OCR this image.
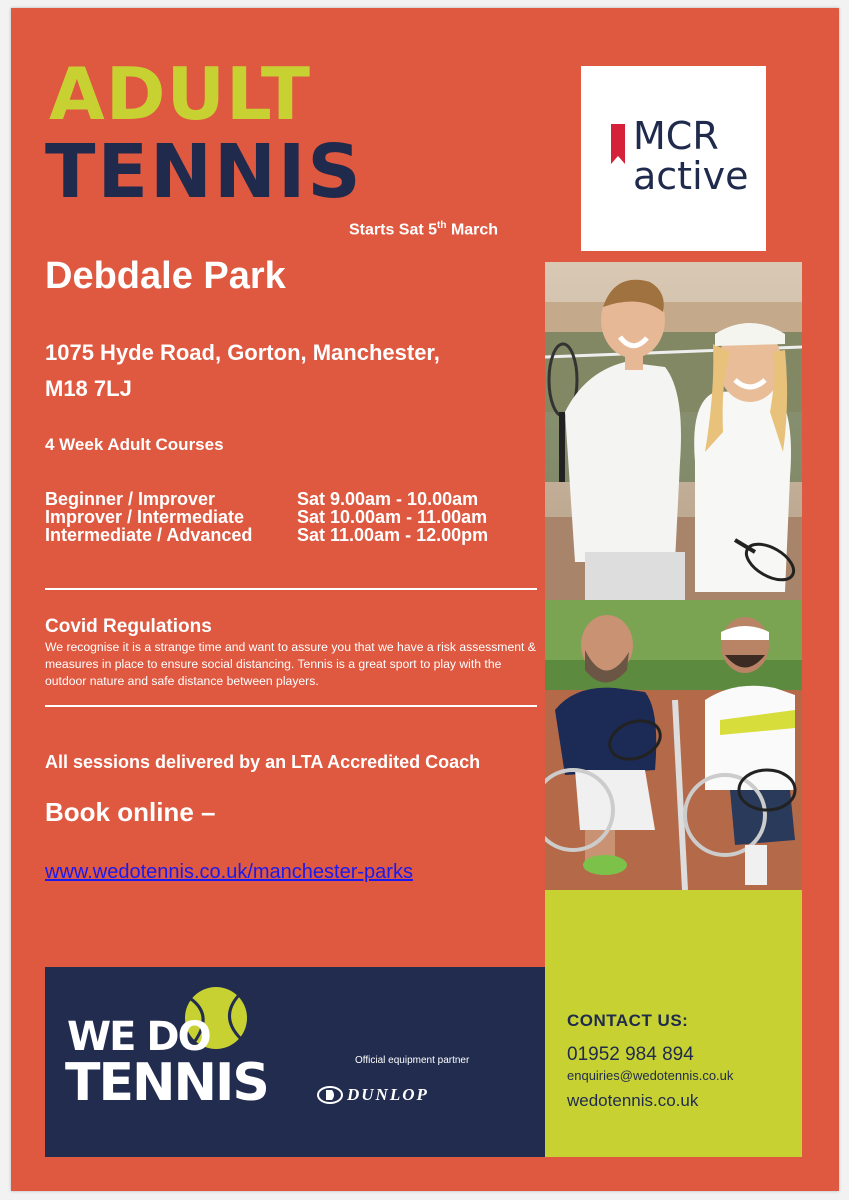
ADULT
TENNIS
Starts Sat 5th March
MCR
active
Debdale Park
1075 Hyde Road, Gorton, Manchester,
M18 7LJ
4 Week Adult Courses
Beginner / Improver	Sat 9.00am - 10.00am
Improver / Intermediate	Sat 10.00am - 11.00am
Intermediate / Advanced	Sat 11.00am - 12.00pm
Covid Regulations
We recognise it is a strange time and want to assure you that we have a risk assessment & measures in place to ensure social distancing. Tennis is a great sport to play with the outdoor nature and safe distance between players.
All sessions delivered by an LTA Accredited Coach
Book online –
www.wedotennis.co.uk/manchester-parks
CONTACT US:
01952 984 894
enquiries@wedotennis.co.uk
wedotennis.co.uk
WE DO
TENNIS	Official equipment partner
DUNLOP
